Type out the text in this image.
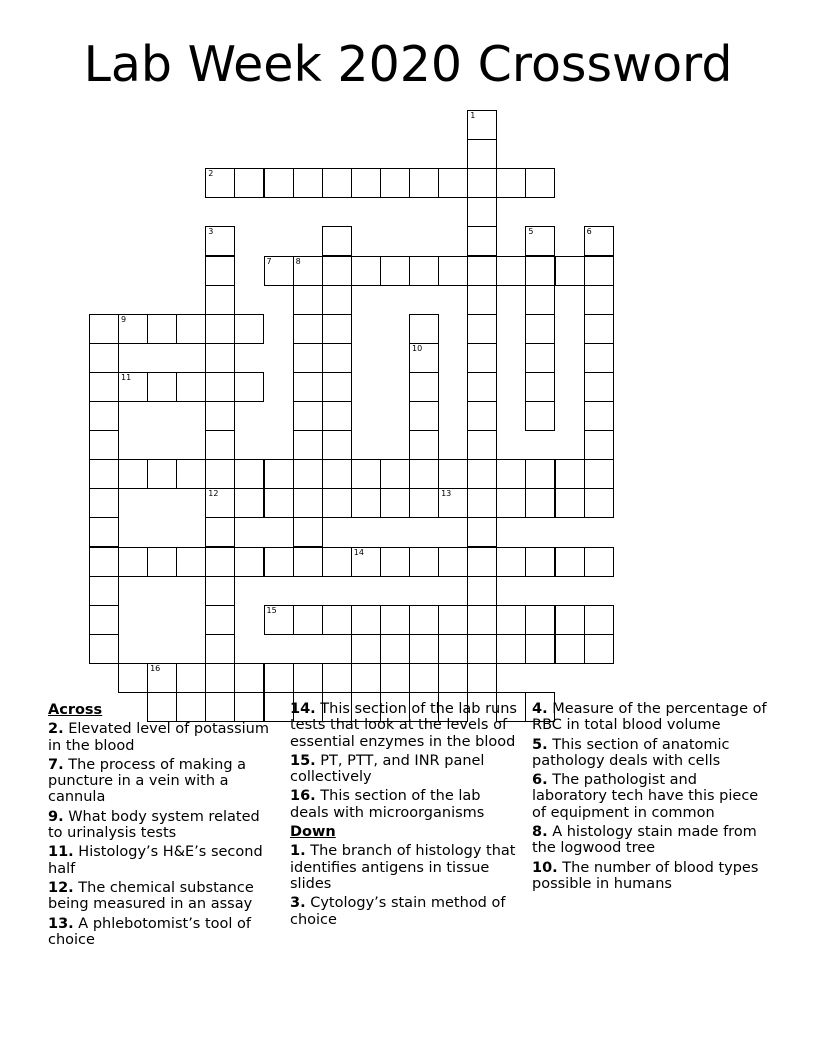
Lab Week 2020 Crossword
1
2
3
12
5	6
7	8
10
9
11
13
14
15
16
Across
2. Elevated level of potassium in the blood
7. The process of making a puncture in a vein with a cannula
9. What body system related to urinalysis tests
11. Histology’s H&E’s second half
12. The chemical substance being measured in an assay
13. A phlebotomist’s tool of choice
14. This section of the lab runs tests that look at the levels of essential enzymes in the blood
15. PT, PTT, and INR panel collectively
16. This section of the lab deals with microorganisms
Down
1. The branch of histology that identifies antigens in tissue slides
3. Cytology’s stain method of choice
4. Measure of the percentage of RBC in total blood volume
5. This section of anatomic pathology deals with cells
6. The pathologist and laboratory tech have this piece of equipment in common
8. A histology stain made from the logwood tree
10. The number of blood types possible in humans
